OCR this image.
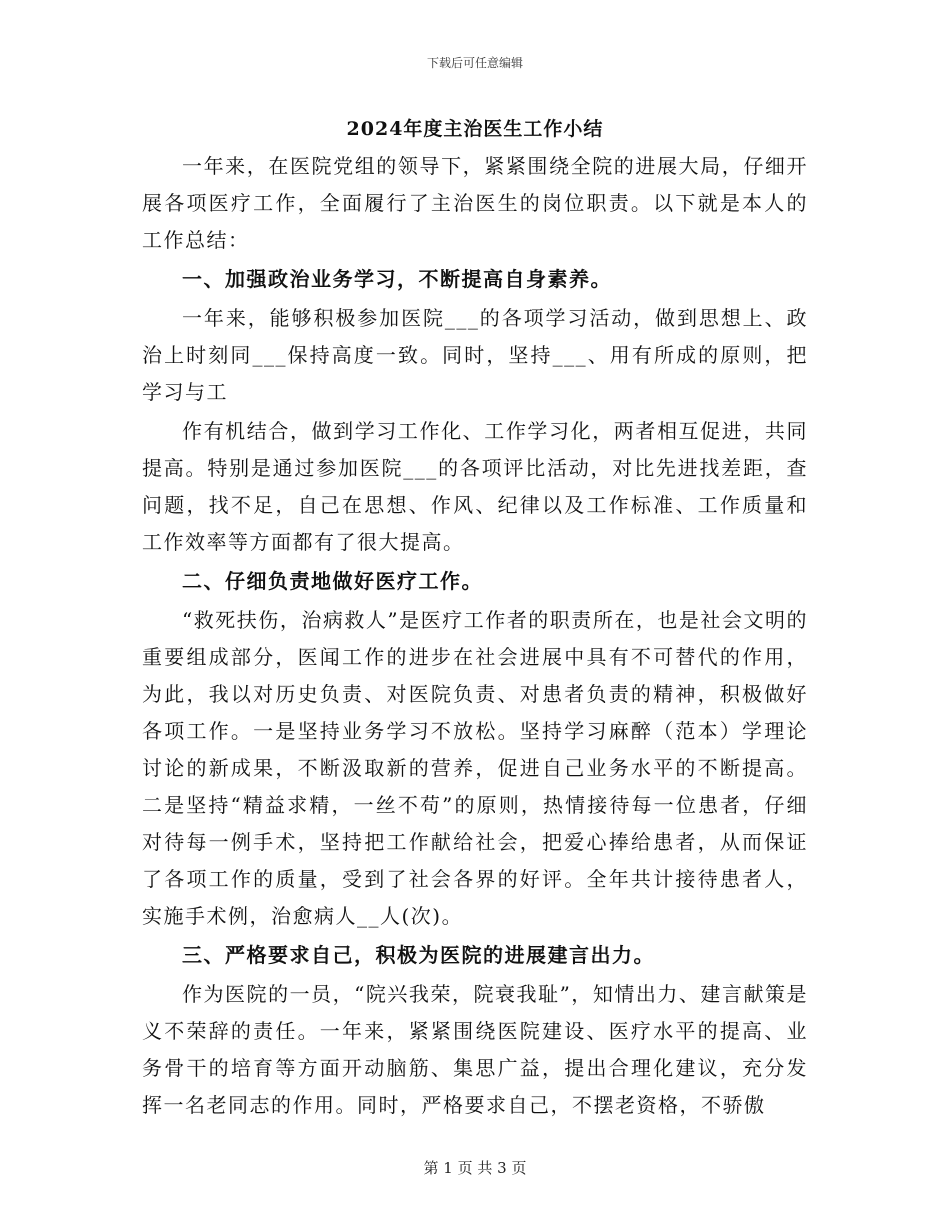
下载后可任意编辑
2024年度主治医生工作小结

一年来，在医院党组的领导下，紧紧围绕全院的进展大局，仔细开展各项医疗工作，全面履行了主治医生的岗位职责。以下就是本人的工作总结：

一、加强政治业务学习，不断提高自身素养。

一年来，能够积极参加医院___的各项学习活动，做到思想上、政治上时刻同___保持高度一致。同时，坚持___、用有所成的原则，把学习与工

作有机结合，做到学习工作化、工作学习化，两者相互促进，共同提高。特别是通过参加医院___的各项评比活动，对比先进找差距，查问题，找不足，自己在思想、作风、纪律以及工作标准、工作质量和工作效率等方面都有了很大提高。

二、仔细负责地做好医疗工作。

“救死扶伤，治病救人”是医疗工作者的职责所在，也是社会文明的重要组成部分，医闻工作的进步在社会进展中具有不可替代的作用，为此，我以对历史负责、对医院负责、对患者负责的精神，积极做好各项工作。一是坚持业务学习不放松。坚持学习麻醉（范本）学理论讨论的新成果，不断汲取新的营养，促进自己业务水平的不断提高。二是坚持“精益求精，一丝不苟”的原则，热情接待每一位患者，仔细对待每一例手术，坚持把工作献给社会，把爱心捧给患者，从而保证了各项工作的质量，受到了社会各界的好评。全年共计接待患者人，实施手术例，治愈病人__人(次)。

三、严格要求自己，积极为医院的进展建言出力。

作为医院的一员，“院兴我荣，院衰我耻”，知情出力、建言献策是义不荣辞的责任。一年来，紧紧围绕医院建设、医疗水平的提高、业务骨干的培育等方面开动脑筋、集思广益，提出合理化建议，充分发挥一名老同志的作用。同时，严格要求自己，不摆老资格，不骄傲

第 1 页 共 3 页
